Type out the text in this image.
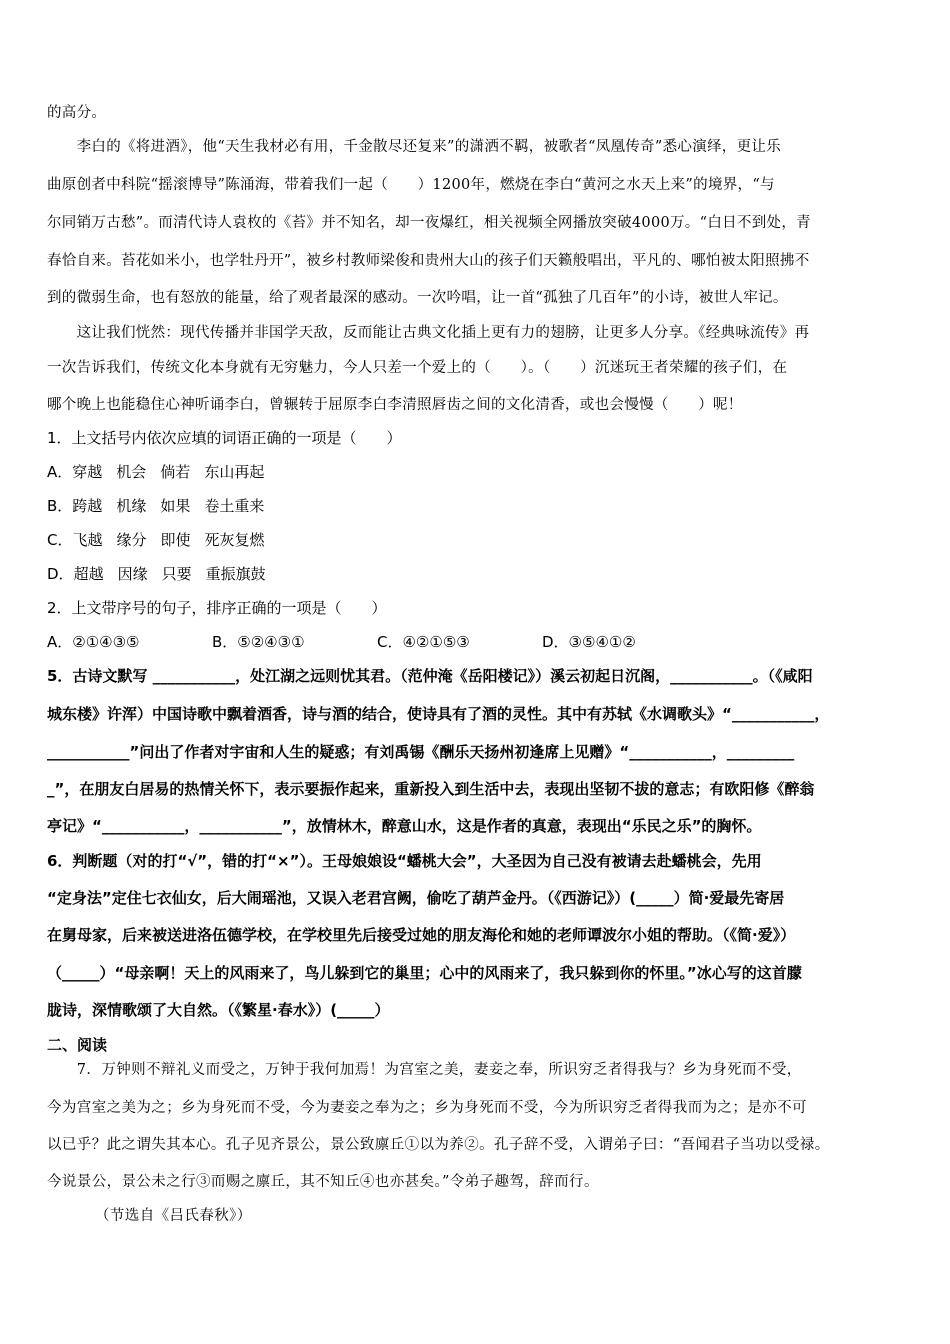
的高分。
　　李白的《将进酒》，他“天生我材必有用，千金散尽还复来”的潇洒不羁，被歌者“凤凰传奇”悉心演绎，更让乐
曲原创者中科院“摇滚博导”陈涌海，带着我们一起（　　）1200年，燃烧在李白“黄河之水天上来”的境界，“与
尔同销万古愁”。而清代诗人袁枚的《苔》并不知名，却一夜爆红，相关视频全网播放突破4000万。“白日不到处，青
春恰自来。苔花如米小，也学牡丹开”，被乡村教师梁俊和贵州大山的孩子们天籁般唱出，平凡的、哪怕被太阳照拂不
到的微弱生命，也有怒放的能量，给了观者最深的感动。一次吟唱，让一首“孤独了几百年”的小诗，被世人牢记。
　　这让我们恍然：现代传播并非国学天敌，反而能让古典文化插上更有力的翅膀，让更多人分享。《经典咏流传》再
一次告诉我们，传统文化本身就有无穷魅力，今人只差一个爱上的（　　）。（　　）沉迷玩王者荣耀的孩子们，在
哪个晚上也能稳住心神听诵李白，曾辗转于屈原李白李清照唇齿之间的文化清香，或也会慢慢（　　）呢！
1．上文括号内依次应填的词语正确的一项是（　　）
A．穿越 机会 倘若 东山再起
B．跨越 机缘 如果 卷土重来
C．飞越 缘分 即使 死灰复燃
D．超越 因缘 只要 重振旗鼓
2．上文带序号的句子，排序正确的一项是（　　）
A．②①④③⑤	B．⑤②④③①	C．④②①⑤③	D．③⑤④①②
5．古诗文默写 ___________，处江湖之远则忧其君。（范仲淹《岳阳楼记》）溪云初起日沉阁，___________。（《咸阳
城东楼》许浑）中国诗歌中飘着酒香，诗与酒的结合，使诗具有了酒的灵性。其中有苏轼《水调歌头》“___________，
___________”问出了作者对宇宙和人生的疑惑；有刘禹锡《酬乐天扬州初逢席上见赠》“___________，_________
_”，在朋友白居易的热情关怀下，表示要振作起来，重新投入到生活中去，表现出坚韧不拔的意志；有欧阳修《醉翁
亭记》“___________，___________”，放情林木，醉意山水，这是作者的真意，表现出“乐民之乐”的胸怀。
6．判断题（对的打“√”，错的打“×”）。王母娘娘设“蟠桃大会”，大圣因为自己没有被请去赴蟠桃会，先用
“定身法”定住七衣仙女，后大闹瑶池，又误入老君宫阙，偷吃了葫芦金丹。（《西游记》）(_____）简·爱最先寄居
在舅母家，后来被送进洛伍德学校，在学校里先后接受过她的朋友海伦和她的老师谭波尔小姐的帮助。（《简·爱》）
（_____）“母亲啊！天上的风雨来了，鸟儿躲到它的巢里；心中的风雨来了，我只躲到你的怀里。”冰心写的这首朦
胧诗，深情歌颂了大自然。（《繁星·春水》）(_____）
二、阅读
　　7．万钟则不辩礼义而受之，万钟于我何加焉！为宫室之美，妻妾之奉，所识穷乏者得我与？乡为身死而不受，
今为宫室之美为之；乡为身死而不受，今为妻妾之奉为之；乡为身死而不受，今为所识穷乏者得我而为之；是亦不可
以已乎？此之谓失其本心。孔子见齐景公，景公致廪丘①以为养②。孔子辞不受，入谓弟子曰：“吾闻君子当功以受禄。
今说景公，景公未之行③而赐之廪丘，其不知丘④也亦甚矣。”令弟子趣驾，辞而行。
（节选自《吕氏春秋》）
